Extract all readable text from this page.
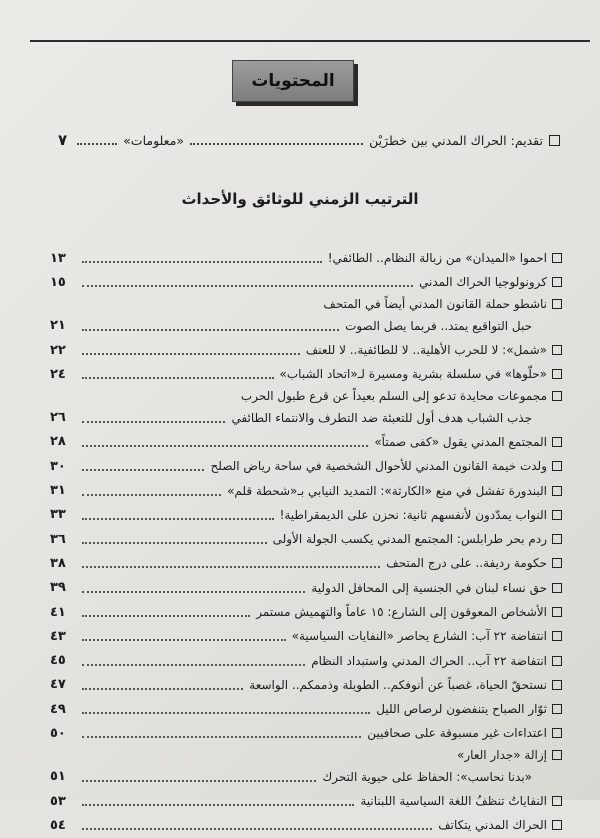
المحتويات
تقديم: الحراك المدني بين خطرَيْن
«معلومات»
٧
الترتيب الزمني للوثائق والأحداث
احموا «الميدان» من زبالة النظام.. الطائفي!
١٣
كرونولوجيا الحراك المدني
١٥
ناشطو حملة القانون المدني أيضاً في المتحف
حبل التواقيع يمتد.. فربما يصل الصوت
٢١
«شمل»: لا للحرب الأهلية.. لا للطائفية.. لا للعنف
٢٢
«حلّوها» في سلسلة بشرية ومسيرة لـ«اتحاد الشباب»
٢٤
مجموعات محايدة تدعو إلى السلم بعيداً عن قرع طبول الحرب
جذب الشباب هدف أول للتعبئة ضد التطرف والانتماء الطائفي
٢٦
المجتمع المدني يقول «كفى صمتاً»
٢٨
ولدت خيمة القانون المدني للأحوال الشخصية في ساحة رياض الصلح
٣٠
البندورة تفشل في منع «الكارثة»: التمديد النيابي بـ«شحطة قلم»
٣١
النواب يمدّدون لأنفسهم ثانية: نحزن على الديمقراطية!
٣٣
ردم بحر طرابلس: المجتمع المدني يكسب الجولة الأولى
٣٦
حكومة رديفة.. على درج المتحف
٣٨
حق نساء لبنان في الجنسية إلى المحافل الدولية
٣٩
الأشخاص المعوقون إلى الشارع: ١٥ عاماً والتهميش مستمر
٤١
انتفاضة ٢٢ آب: الشارع يحاصر «النفايات السياسية»
٤٣
انتفاضة ٢٢ آب.. الحراك المدني واستبداد النظام
٤٥
نستحقّ الحياة، غصباً عن أنوفكم.. الطويلة وذممكم.. الواسعة
٤٧
ثوّار الصباح يتنفضون لرصاص الليل
٤٩
اعتداءات غير مسبوقة على صحافيين
٥٠
إزالة «جدار العار»
«بدنا نحاسب»: الحفاظ على حيوية التحرك
٥١
النفاياتُ تنظفُ اللغة السياسية اللبنانية
٥٣
الحراك المدني يتكاتف
٥٤
